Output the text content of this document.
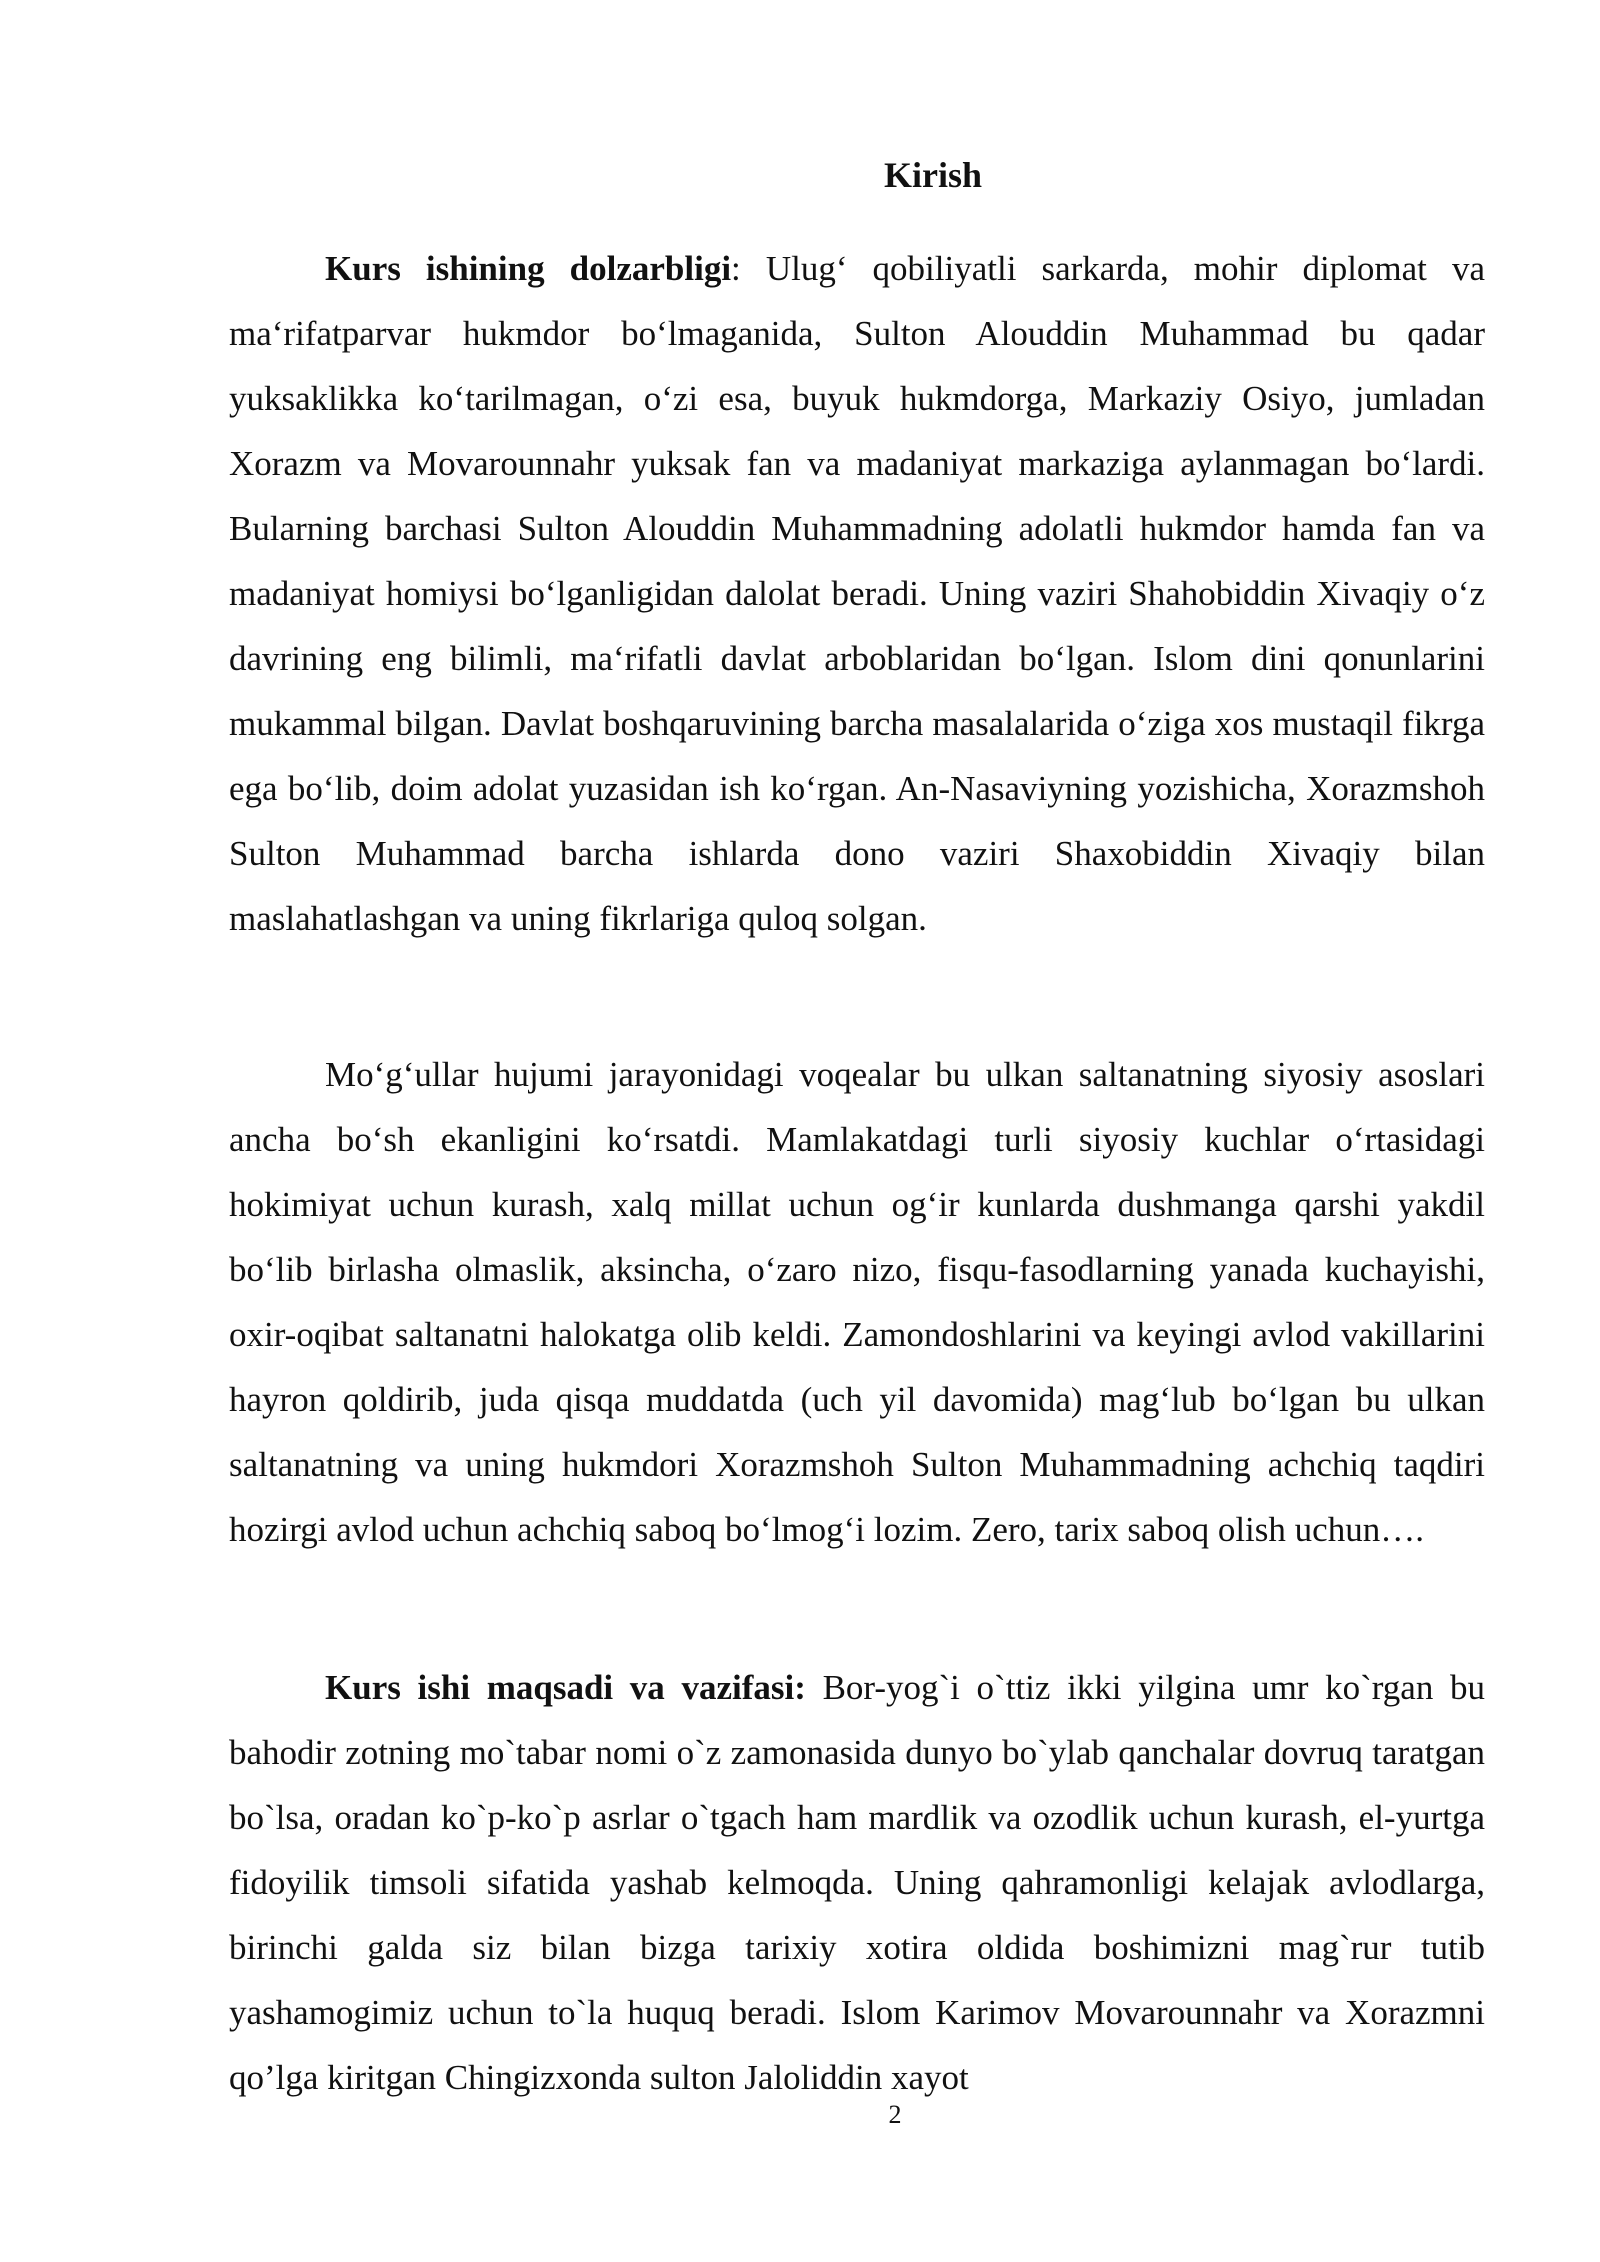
Kirish

Kurs ishining dolzarbligi: Ulug‘ qobiliyatli sarkarda, mohir diplomat va ma‘rifatparvar hukmdor bo‘lmaganida, Sulton Alouddin Muhammad bu qadar yuksaklikka ko‘tarilmagan, o‘zi esa, buyuk hukmdorga, Markaziy Osiyo, jumladan Xorazm va Movarounnahr yuksak fan va madaniyat markaziga aylanmagan bo‘lardi. Bularning barchasi Sulton Alouddin Muhammadning adolatli hukmdor hamda fan va madaniyat homiysi bo‘lganligidan dalolat beradi. Uning vaziri Shahobiddin Xivaqiy o‘z davrining eng bilimli, ma‘rifatli davlat arboblaridan bo‘lgan. Islom dini qonunlarini mukammal bilgan. Davlat boshqaruvining barcha masalalarida o‘ziga xos mustaqil fikrga ega bo‘lib, doim adolat yuzasidan ish ko‘rgan. An-Nasaviyning yozishicha, Xorazmshoh Sulton Muhammad barcha ishlarda dono vaziri Shaxobiddin Xivaqiy bilan maslahatlashgan va uning fikrlariga quloq solgan.

Mo‘g‘ullar hujumi jarayonidagi voqealar bu ulkan saltanatning siyosiy asoslari ancha bo‘sh ekanligini ko‘rsatdi. Mamlakatdagi turli siyosiy kuchlar o‘rtasidagi hokimiyat uchun kurash, xalq millat uchun og‘ir kunlarda dushmanga qarshi yakdil bo‘lib birlasha olmaslik, aksincha, o‘zaro nizo, fisqu-fasodlarning yanada kuchayishi, oxir-oqibat saltanatni halokatga olib keldi. Zamondoshlarini va keyingi avlod vakillarini hayron qoldirib, juda qisqa muddatda (uch yil davomida) mag‘lub bo‘lgan bu ulkan saltanatning va uning hukmdori Xorazmshoh Sulton Muhammadning achchiq taqdiri hozirgi avlod uchun achchiq saboq bo‘lmog‘i lozim. Zero, tarix saboq olish uchun….

Kurs ishi maqsadi va vazifasi: Bor-yog`i o`ttiz ikki yilgina umr ko`rgan bu bahodir zotning mo`tabar nomi o`z zamonasida dunyo bo`ylab qanchalar dovruq taratgan bo`lsa, oradan ko`p-ko`p asrlar o`tgach ham mardlik va ozodlik uchun kurash, el-yurtga fidoyilik timsoli sifatida yashab kelmoqda. Uning qahramonligi kelajak avlodlarga, birinchi galda siz bilan bizga tarixiy xotira oldida boshimizni mag`rur tutib yashamogimiz uchun to`la huquq beradi. Islom Karimov Movarounnahr va Xorazmni qo’lga kiritgan Chingizxonda sulton Jaloliddin xayot

2
